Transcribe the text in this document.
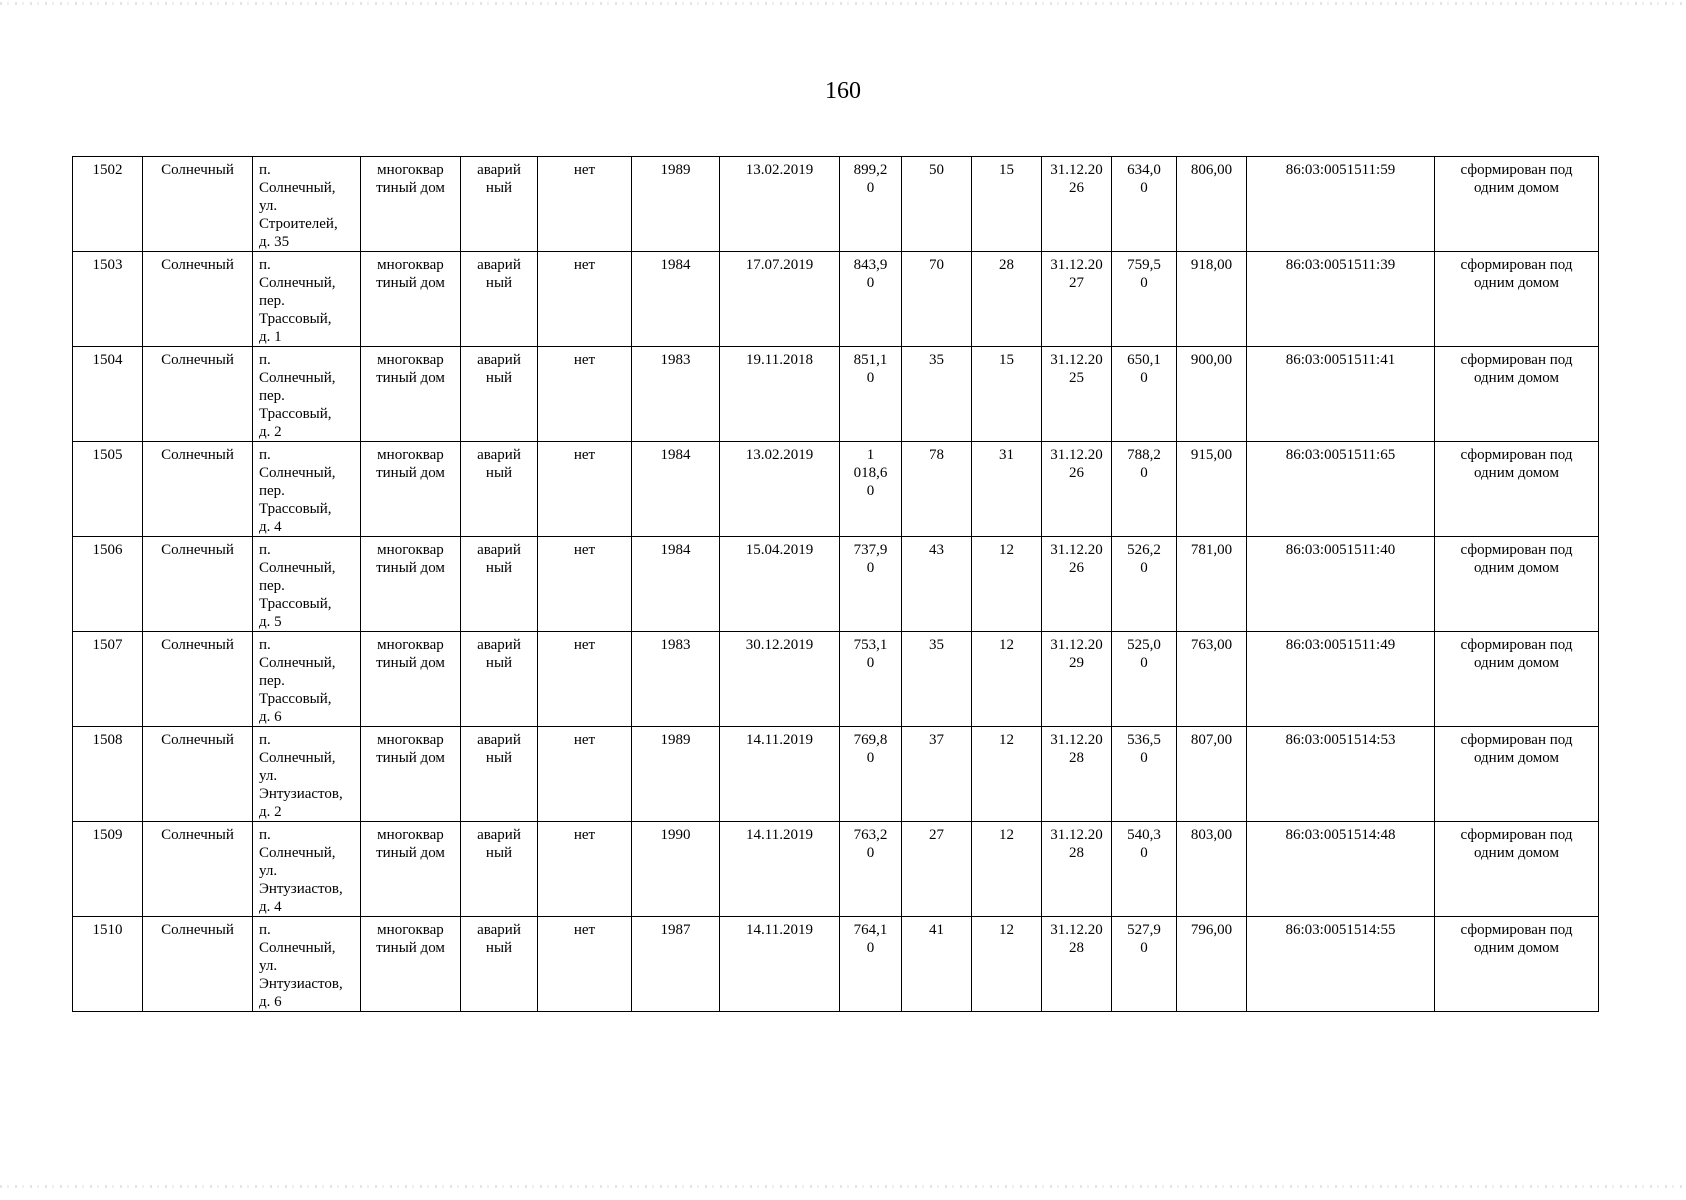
160
1502	Солнечный	п.
Солнечный,
ул.
Строителей,
д. 35	многоквар
тиный дом	аварий
ный	нет	1989	13.02.2019	899,2
0	50	15	31.12.20
26	634,0
0	806,00	86:03:0051511:59	сформирован под одним домом
1503	Солнечный	п.
Солнечный,
пер.
Трассовый,
д. 1	многоквар
тиный дом	аварий
ный	нет	1984	17.07.2019	843,9
0	70	28	31.12.20
27	759,5
0	918,00	86:03:0051511:39	сформирован под одним домом
1504	Солнечный	п.
Солнечный,
пер.
Трассовый,
д. 2	многоквар
тиный дом	аварий
ный	нет	1983	19.11.2018	851,1
0	35	15	31.12.20
25	650,1
0	900,00	86:03:0051511:41	сформирован под одним домом
1505	Солнечный	п.
Солнечный,
пер.
Трассовый,
д. 4	многоквар
тиный дом	аварий
ный	нет	1984	13.02.2019	1
018,6
0	78	31	31.12.20
26	788,2
0	915,00	86:03:0051511:65	сформирован под одним домом
1506	Солнечный	п.
Солнечный,
пер.
Трассовый,
д. 5	многоквар
тиный дом	аварий
ный	нет	1984	15.04.2019	737,9
0	43	12	31.12.20
26	526,2
0	781,00	86:03:0051511:40	сформирован под одним домом
1507	Солнечный	п.
Солнечный,
пер.
Трассовый,
д. 6	многоквар
тиный дом	аварий
ный	нет	1983	30.12.2019	753,1
0	35	12	31.12.20
29	525,0
0	763,00	86:03:0051511:49	сформирован под одним домом
1508	Солнечный	п.
Солнечный,
ул.
Энтузиастов,
д. 2	многоквар
тиный дом	аварий
ный	нет	1989	14.11.2019	769,8
0	37	12	31.12.20
28	536,5
0	807,00	86:03:0051514:53	сформирован под одним домом
1509	Солнечный	п.
Солнечный,
ул.
Энтузиастов,
д. 4	многоквар
тиный дом	аварий
ный	нет	1990	14.11.2019	763,2
0	27	12	31.12.20
28	540,3
0	803,00	86:03:0051514:48	сформирован под одним домом
1510	Солнечный	п.
Солнечный,
ул.
Энтузиастов,
д. 6	многоквар
тиный дом	аварий
ный	нет	1987	14.11.2019	764,1
0	41	12	31.12.20
28	527,9
0	796,00	86:03:0051514:55	сформирован под одним домом
